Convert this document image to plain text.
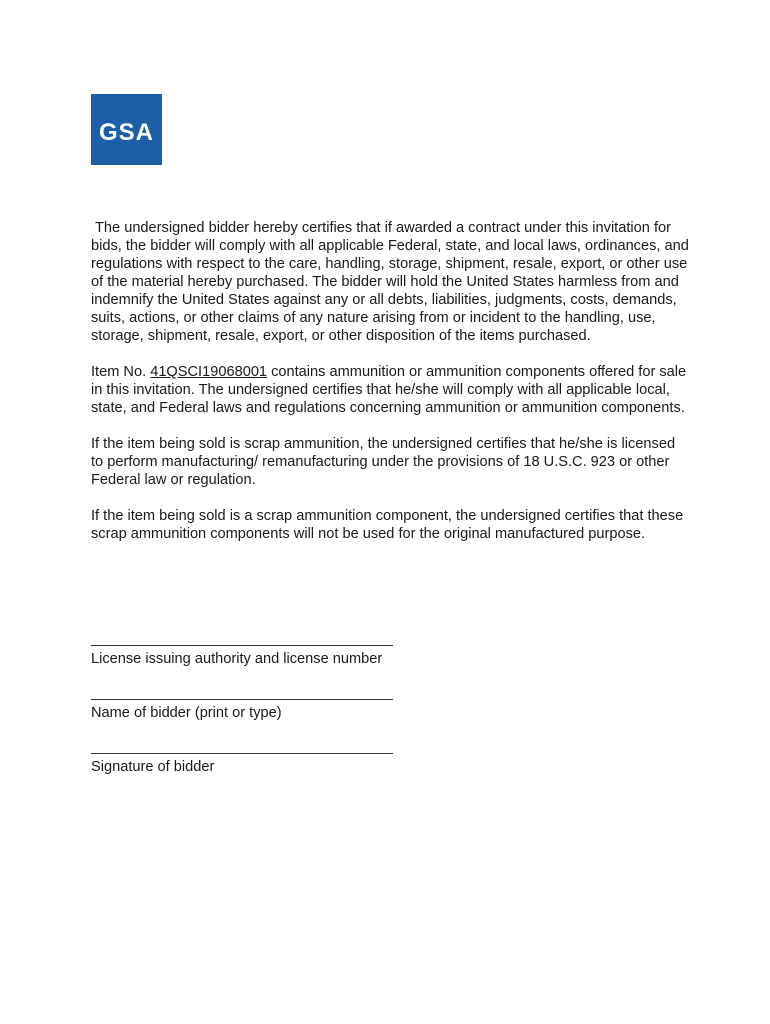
GSA

The undersigned bidder hereby certifies that if awarded a contract under this invitation for bids, the bidder will comply with all applicable Federal, state, and local laws, ordinances, and regulations with respect to the care, handling, storage, shipment, resale, export, or other use of the material hereby purchased. The bidder will hold the United States harmless from and indemnify the United States against any or all debts, liabilities, judgments, costs, demands, suits, actions, or other claims of any nature arising from or incident to the handling, use, storage, shipment, resale, export, or other disposition of the items purchased.

Item No. 41QSCI19068001 contains ammunition or ammunition components offered for sale in this invitation. The undersigned certifies that he/she will comply with all applicable local, state, and Federal laws and regulations concerning ammunition or ammunition components.

If the item being sold is scrap ammunition, the undersigned certifies that he/she is licensed to perform manufacturing/ remanufacturing under the provisions of 18 U.S.C. 923 or other Federal law or regulation.

If the item being sold is a scrap ammunition component, the undersigned certifies that these scrap ammunition components will not be used for the original manufactured purpose.

License issuing authority and license number
Name of bidder (print or type)
Signature of bidder
